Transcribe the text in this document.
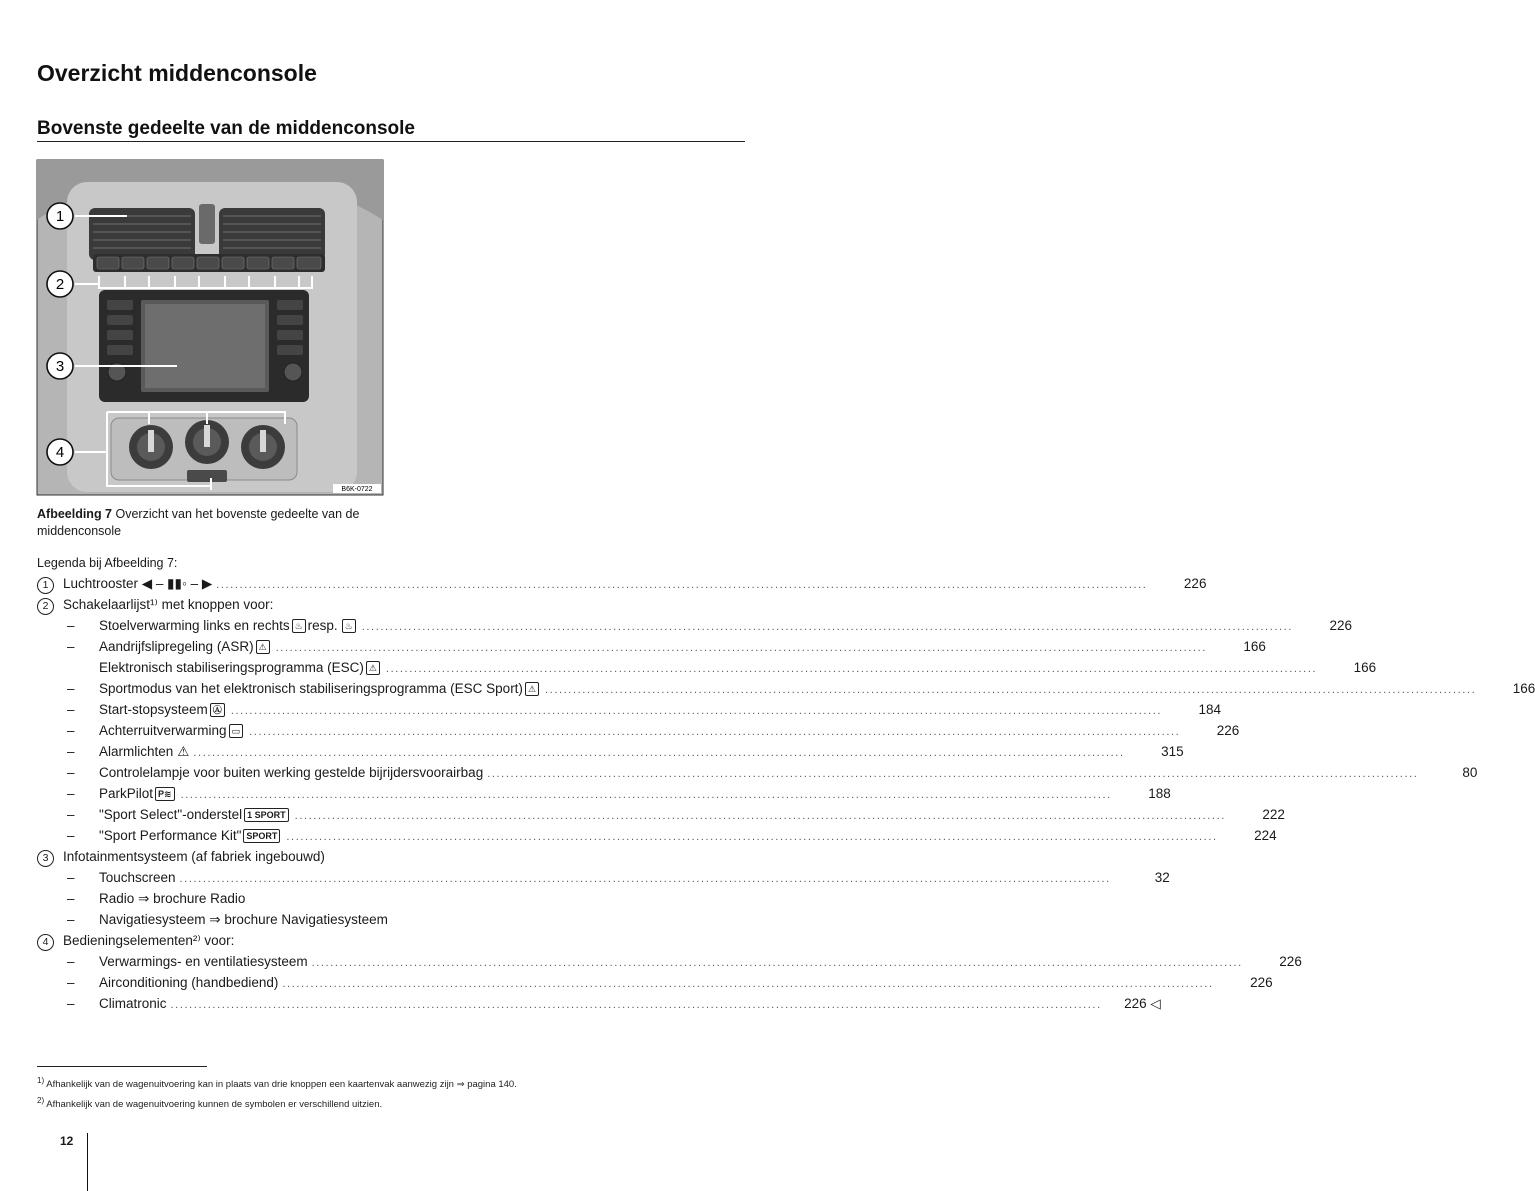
Overzicht middenconsole
Bovenste gedeelte van de middenconsole
1
2
3
4
B6K-0722
Afbeelding 7 Overzicht van het bovenste gedeelte van de middenconsole
Legenda bij Afbeelding 7:
1	Luchtrooster ◀ – ▮▮◦ – ▶ ........................................................................................................................................................................................................	226
2	Schakelaarlijst¹⁾ met knoppen voor:
–	Stoelverwarming links en rechts ♨ resp. ♨ ........................................................................................................................................................................................................	226
–	Aandrijfslipregeling (ASR) ⚠ ........................................................................................................................................................................................................	166
Elektronisch stabiliseringsprogramma (ESC) ⚠ ........................................................................................................................................................................................................	166
–	Sportmodus van het elektronisch stabiliseringsprogramma (ESC Sport) ⚠ ........................................................................................................................................................................................................	166
–	Start-stopsysteem Ⓐ ........................................................................................................................................................................................................	184
–	Achterruitverwarming ▭ ........................................................................................................................................................................................................	226
–	Alarmlichten ⚠ ........................................................................................................................................................................................................	315
–	Controlelampje voor buiten werking gestelde bijrijdersvoorairbag ........................................................................................................................................................................................................	80
–	ParkPilot P≋ ........................................................................................................................................................................................................	188
–	"Sport Select"-onderstel 1 SPORT ........................................................................................................................................................................................................	222
–	"Sport Performance Kit" SPORT ........................................................................................................................................................................................................	224
3	Infotainmentsysteem (af fabriek ingebouwd)
–	Touchscreen ........................................................................................................................................................................................................	32
–	Radio ⇒ brochure Radio
–	Navigatiesysteem ⇒ brochure Navigatiesysteem
4	Bedieningselementen²⁾ voor:
–	Verwarmings- en ventilatiesysteem ........................................................................................................................................................................................................	226
–	Airconditioning (handbediend) ........................................................................................................................................................................................................	226
–	Climatronic ........................................................................................................................................................................................................	226 ◁
$^{1)}$ Afhankelijk van de wagenuitvoering kan in plaats van drie knoppen een kaartenvak aanwezig zijn ⇒ pagina 140.
$^{2)}$ Afhankelijk van de wagenuitvoering kunnen de symbolen er verschillend uitzien.
12
